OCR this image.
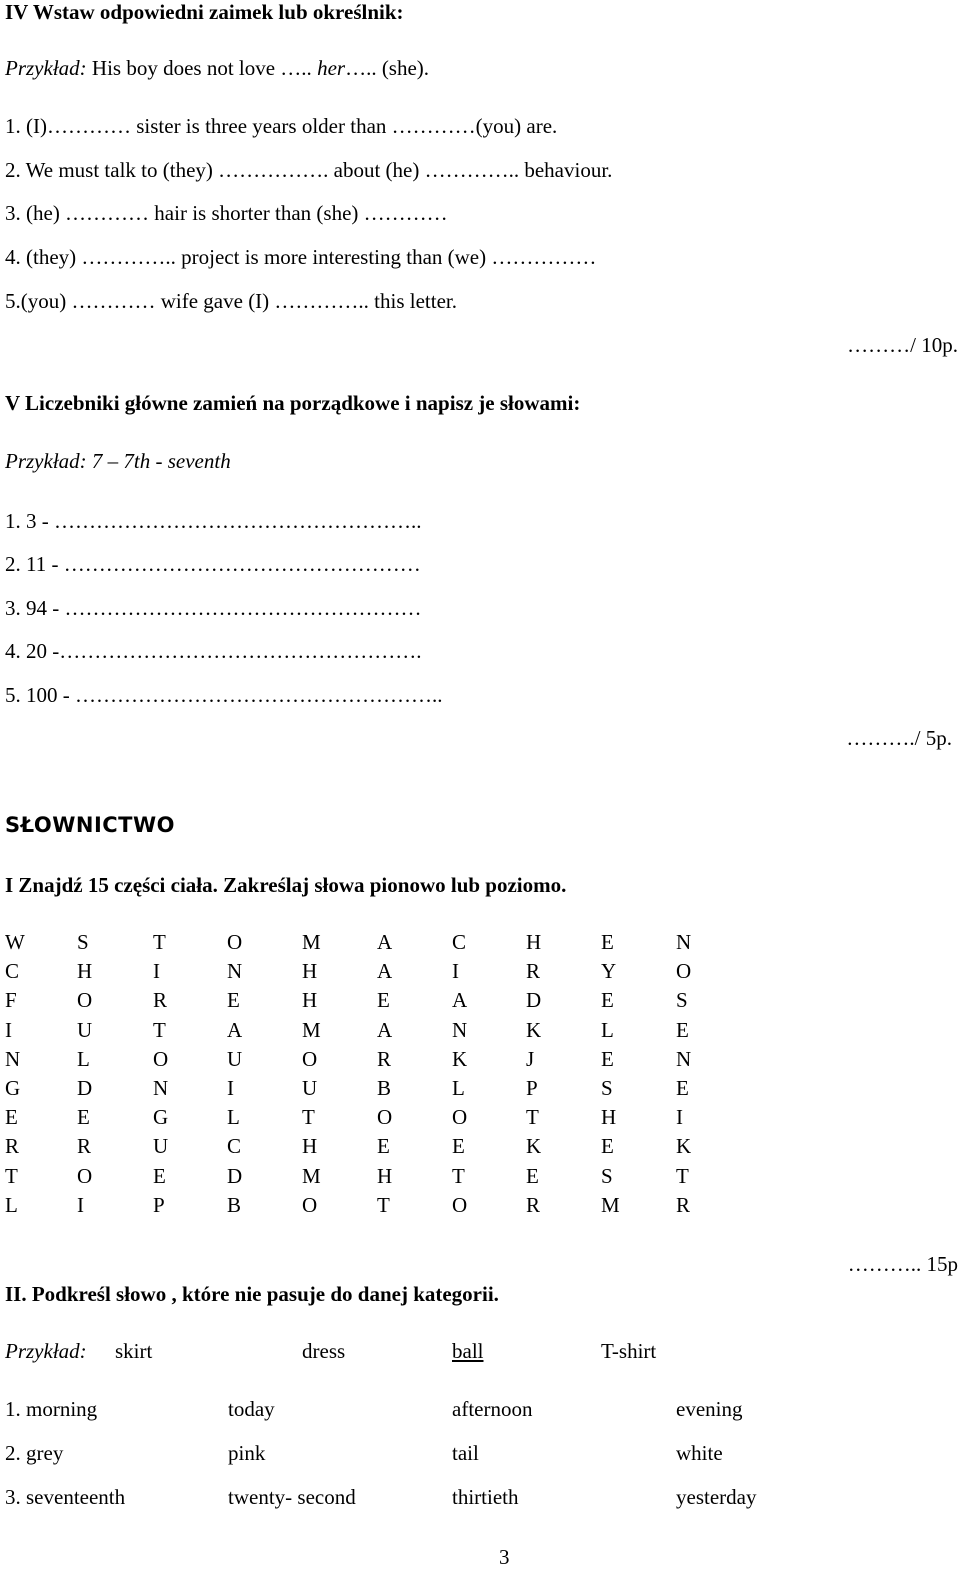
IV Wstaw odpowiedni zaimek lub określnik:
Przykład: His boy does not love ….. her….. (she).
1. (I)………… sister is three years older than …………(you) are.
2. We must talk to (they) ……………. about (he) ………….. behaviour.
3. (he) ………… hair is shorter than (she) …………
4. (they) ………….. project is more interesting than (we) ……………
5.(you) ………… wife gave (I) ………….. this letter.
………/ 10p.
V Liczebniki główne zamień na porządkowe i napisz je słowami:
Przykład: 7 – 7th - seventh
1. 3 - ……………………………………………..
2. 11 - ……………………………………………
3. 94 - ……………………………………………
4. 20 -…………………………………………….
5. 100 - ……………………………………………..
………./ 5p.
SŁOWNICTWO
I Znajdź 15 części ciała. Zakreślaj słowa pionowo lub poziomo.
W	S	T	O	M	A	C	H	E	N
C	H	I	N	H	A	I	R	Y	O
F	O	R	E	H	E	A	D	E	S
I	U	T	A	M	A	N	K	L	E
N	L	O	U	O	R	K	J	E	N
G	D	N	I	U	B	L	P	S	E
E	E	G	L	T	O	O	T	H	I
R	R	U	C	H	E	E	K	E	K
T	O	E	D	M	H	T	E	S	T
L	I	P	B	O	T	O	R	M	R
……….. 15p
II. Podkreśl słowo , które nie pasuje do danej kategorii.
Przykład: skirt	dress	ball	T-shirt
1. morning	today	afternoon	evening
2. grey	pink	tail	white
3. seventeenth	twenty- second	thirtieth	yesterday
3
